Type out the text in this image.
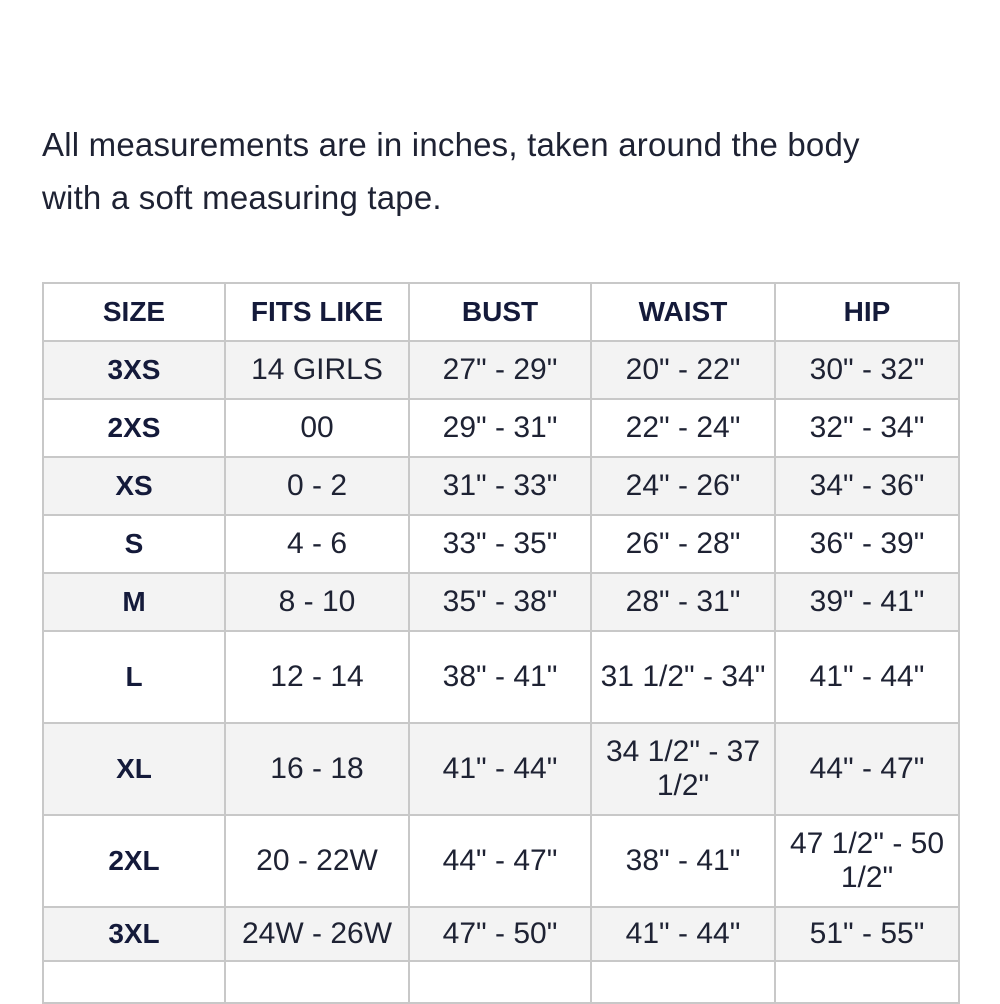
All measurements are in inches, taken around the body
with a soft measuring tape.

SIZE	FITS LIKE	BUST	WAIST	HIP
3XS	14 GIRLS	27" - 29"	20" - 22"	30" - 32"
2XS	00	29" - 31"	22" - 24"	32" - 34"
XS	0 - 2	31" - 33"	24" - 26"	34" - 36"
S	4 - 6	33" - 35"	26" - 28"	36" - 39"
M	8 - 10	35" - 38"	28" - 31"	39" - 41"
L	12 - 14	38" - 41"	31 1/2" - 34"	41" - 44"
XL	16 - 18	41" - 44"	34 1/2" - 37 1/2"	44" - 47"
2XL	20 - 22W	44" - 47"	38" - 41"	47 1/2" - 50 1/2"
3XL	24W - 26W	47" - 50"	41" - 44"	51" - 55"
